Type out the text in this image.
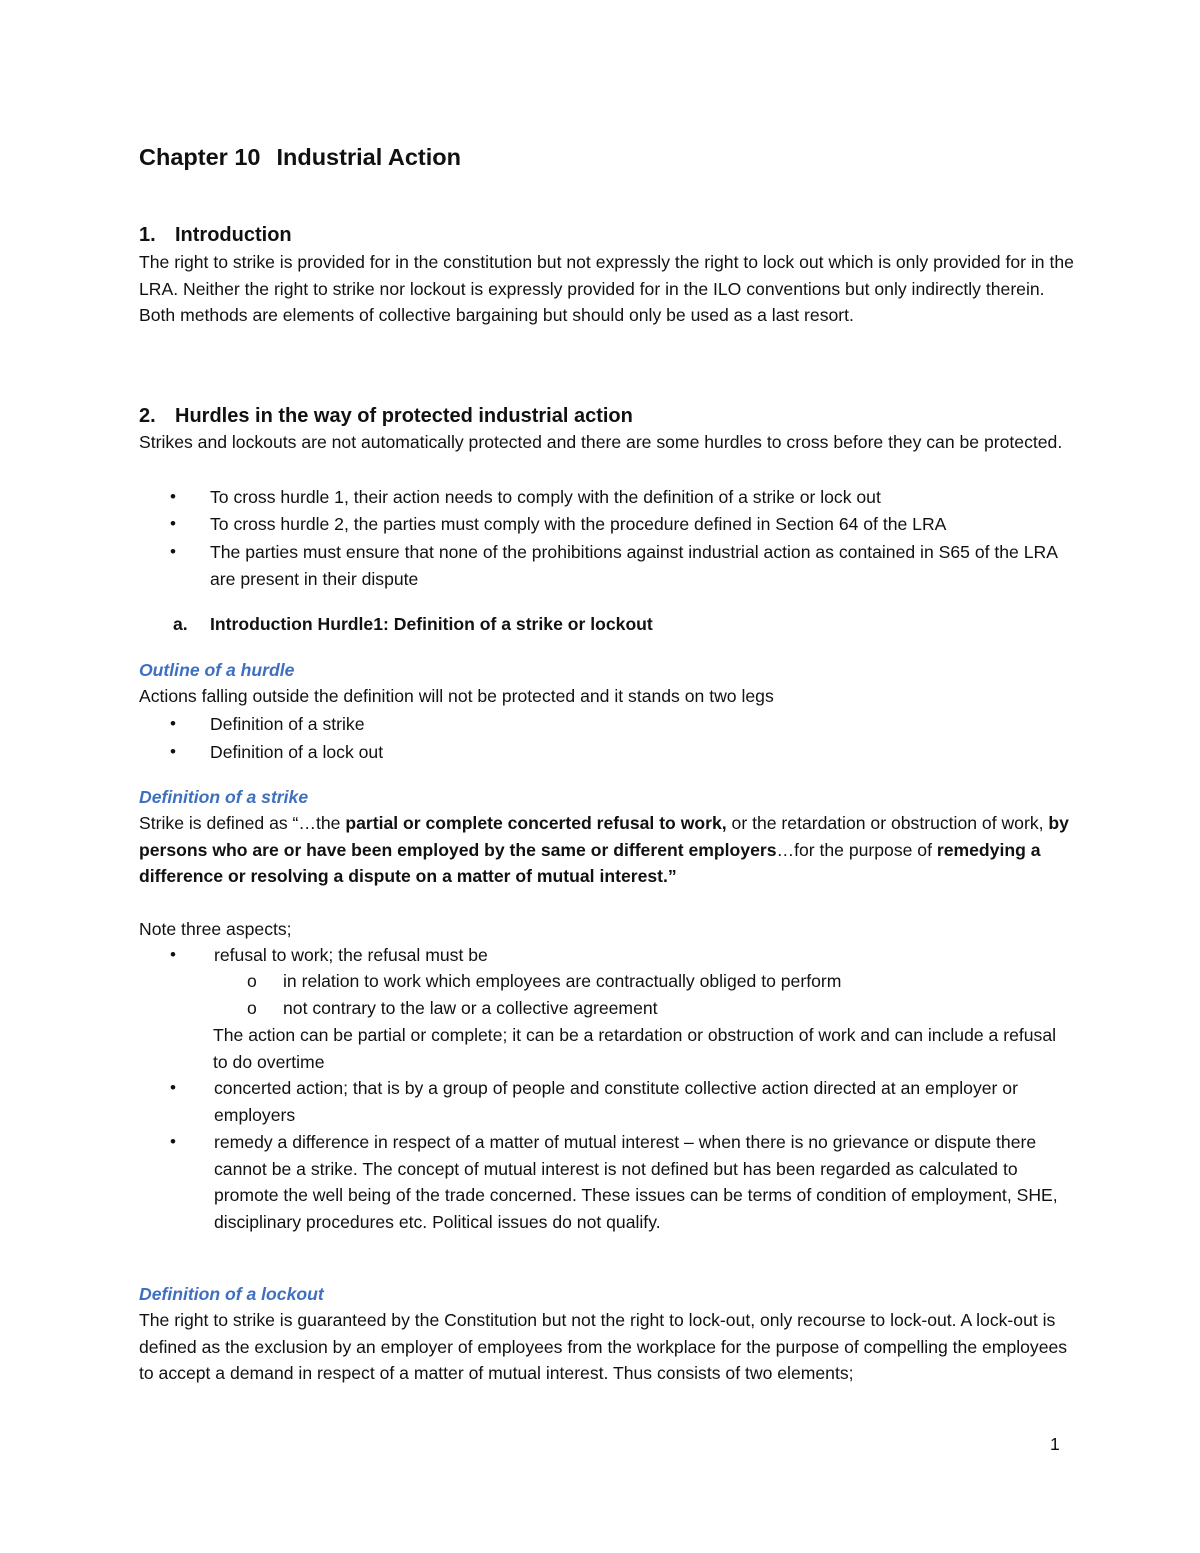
Chapter 10 Industrial Action
1. Introduction
The right to strike is provided for in the constitution but not expressly the right to lock out which is only provided for in the LRA. Neither the right to strike nor lockout is expressly provided for in the ILO conventions but only indirectly therein. Both methods are elements of collective bargaining but should only be used as a last resort.
2. Hurdles in the way of protected industrial action
Strikes and lockouts are not automatically protected and there are some hurdles to cross before they can be protected.
• To cross hurdle 1, their action needs to comply with the definition of a strike or lock out
• To cross hurdle 2, the parties must comply with the procedure defined in Section 64 of the LRA
• The parties must ensure that none of the prohibitions against industrial action as contained in S65 of the LRA are present in their dispute
a. Introduction Hurdle1: Definition of a strike or lockout
Outline of a hurdle
Actions falling outside the definition will not be protected and it stands on two legs
• Definition of a strike
• Definition of a lock out
Definition of a strike
Strike is defined as “…the partial or complete concerted refusal to work, or the retardation or obstruction of work, by persons who are or have been employed by the same or different employers…for the purpose of remedying a difference or resolving a dispute on a matter of mutual interest.”
Note three aspects;
• refusal to work; the refusal must be
o in relation to work which employees are contractually obliged to perform
o not contrary to the law or a collective agreement
The action can be partial or complete; it can be a retardation or obstruction of work and can include a refusal to do overtime
• concerted action; that is by a group of people and constitute collective action directed at an employer or employers
• remedy a difference in respect of a matter of mutual interest – when there is no grievance or dispute there cannot be a strike. The concept of mutual interest is not defined but has been regarded as calculated to promote the well being of the trade concerned. These issues can be terms of condition of employment, SHE, disciplinary procedures etc. Political issues do not qualify.
Definition of a lockout
The right to strike is guaranteed by the Constitution but not the right to lock-out, only recourse to lock-out. A lock-out is defined as the exclusion by an employer of employees from the workplace for the purpose of compelling the employees to accept a demand in respect of a matter of mutual interest. Thus consists of two elements;
1
